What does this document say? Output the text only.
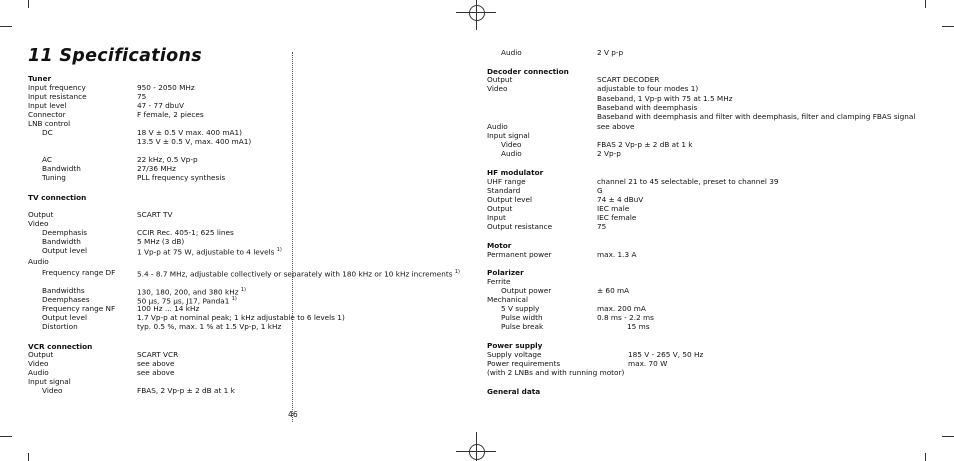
11 Specifications
46
Tuner
Input frequency	950 - 2050 MHz
Input resistance	75
Input level	47 - 77 dbuV
Connector	F female, 2 pieces
LNB control
DC	18 V ± 0.5 V max. 400 mA1)
13.5 V ± 0.5 V, max. 400 mA1)
AC	22 kHz, 0.5 Vp-p
Bandwidth	27/36 MHz
Tuning	PLL frequency synthesis
TV connection
Output	SCART TV
Video
Deemphasis	CCIR Rec. 405-1; 625 lines
Bandwidth	5 MHz (3 dB)
Output level	1 Vp-p at 75 W, adjustable to 4 levels $^{1)}$
Audio
Frequency range DF	5.4 - 8.7 MHz, adjustable collectively or separately with 180 kHz or 10 kHz increments $^{1)}$
Bandwidths	130, 180, 200, and 380 kHz $^{1)}$
Deemphases	50 µs, 75 µs, J17, Panda1 $^{1)}$
Frequency range NF	100 Hz ... 14 kHz
Output level	1.7 Vp-p at nominal peak; 1 kHz adjustable to 6 levels 1)
Distortion	typ. 0.5 %, max. 1 % at 1.5 Vp-p, 1 kHz
VCR connection
Output	SCART VCR
Video	see above
Audio	see above
Input signal
Video	FBAS, 2 Vp-p ± 2 dB at 1 k
Audio	2 V p-p
Decoder connection
Output	SCART DECODER
Video	adjustable to four modes 1)
Baseband, 1 Vp-p with 75 at 1.5 MHz
Baseband with deemphasis
Baseband with deemphasis and filter with deemphasis, filter and clamping FBAS signal
Audio	see above
Input signal
Video	FBAS 2 Vp-p ± 2 dB at 1 k
Audio	2 Vp-p
HF modulator
UHF range	channel 21 to 45 selectable, preset to channel 39
Standard	G
Output level	74 ± 4 dBuV
Output	IEC male
Input	IEC female
Output resistance	75
Motor
Permanent power	max. 1.3 A
Polarizer
Ferrite
Output power	± 60 mA
Mechanical
5 V supply	max. 200 mA
Pulse width	0.8 ms - 2.2 ms
Pulse break	15 ms
Power supply
Supply voltage	185 V - 265 V, 50 Hz
Power requirements	max. 70 W
(with 2 LNBs and with running motor)
General data
